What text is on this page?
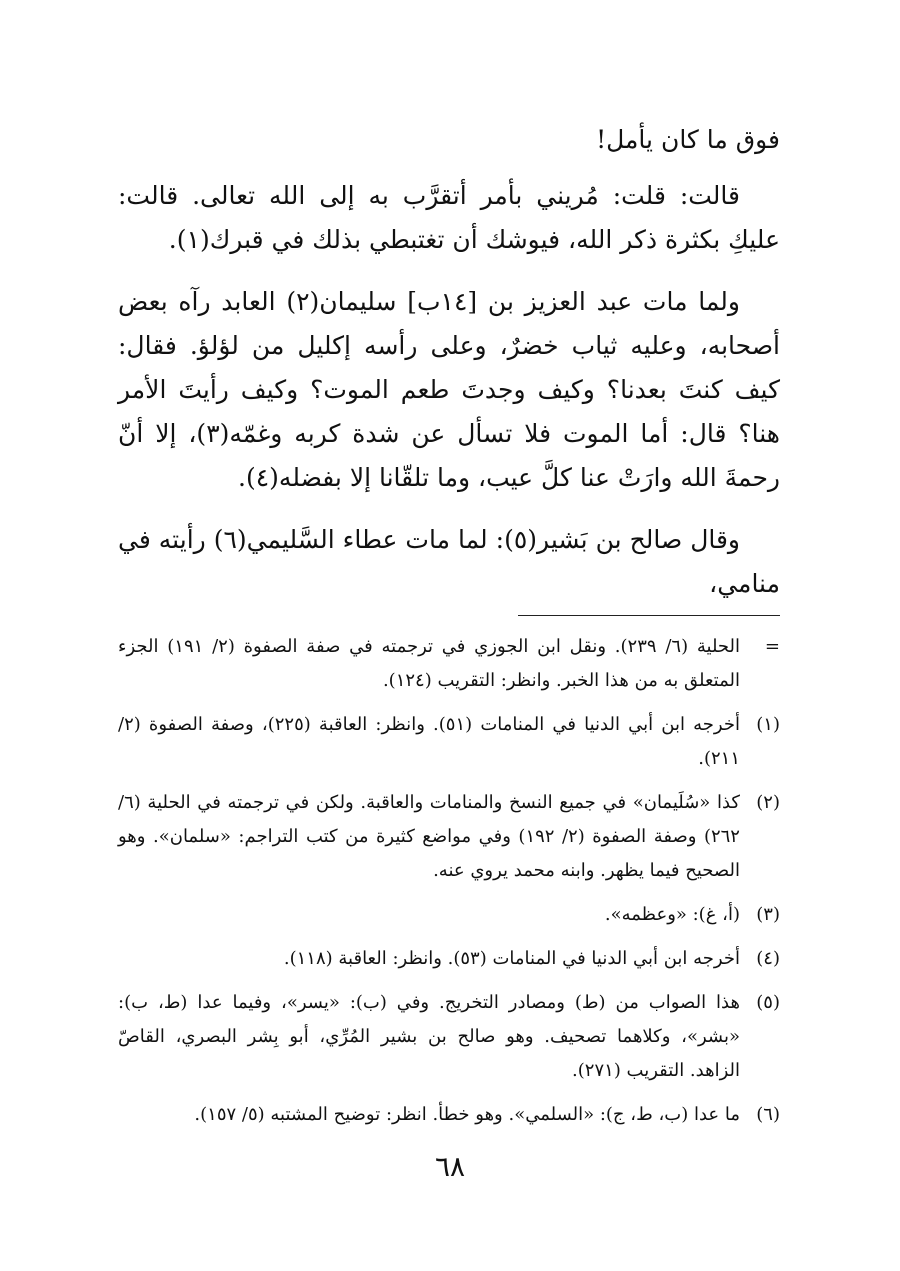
فوق ما كان يأمل!

قالت: قلت: مُريني بأمر أتقرَّب به إلى الله تعالى. قالت: عليكِ بكثرة ذكر الله، فيوشك أن تغتبطي بذلك في قبرك(١).

ولما مات عبد العزيز بن [١٤ب] سليمان(٢) العابد رآه بعض أصحابه، وعليه ثياب خضرٌ، وعلى رأسه إكليل من لؤلؤ. فقال: كيف كنتَ بعدنا؟ وكيف وجدتَ طعم الموت؟ وكيف رأيتَ الأمر هنا؟ قال: أما الموت فلا تسأل عن شدة كربه وغمّه(٣)، إلا أنّ رحمةَ الله وارَتْ عنا كلَّ عيب، وما تلقّانا إلا بفضله(٤).

وقال صالح بن بَشير(٥): لما مات عطاء السَّليمي(٦) رأيته في منامي،

=
الحلية (٦/ ٢٣٩). ونقل ابن الجوزي في ترجمته في صفة الصفوة (٢/ ١٩١) الجزء المتعلق به من هذا الخبر. وانظر: التقريب (١٢٤).
(١)
أخرجه ابن أبي الدنيا في المنامات (٥١). وانظر: العاقبة (٢٢٥)، وصفة الصفوة (٢/ ٢١١).
(٢)
كذا «سُلَيمان» في جميع النسخ والمنامات والعاقبة. ولكن في ترجمته في الحلية (٦/ ٢٦٢) وصفة الصفوة (٢/ ١٩٢) وفي مواضع كثيرة من كتب التراجم: «سلمان». وهو الصحيح فيما يظهر. وابنه محمد يروي عنه.
(٣)
(أ، غ): «وعظمه».
(٤)
أخرجه ابن أبي الدنيا في المنامات (٥٣). وانظر: العاقبة (١١٨).
(٥)
هذا الصواب من (ط) ومصادر التخريج. وفي (ب): «يسر»، وفيما عدا (ط، ب): «بشر»، وكلاهما تصحيف. وهو صالح بن بشير المُرِّي، أبو بِشر البصري، القاصّ الزاهد. التقريب (٢٧١).
(٦)
ما عدا (ب، ط، ج): «السلمي». وهو خطأ. انظر: توضيح المشتبه (٥/ ١٥٧).
٦٨
